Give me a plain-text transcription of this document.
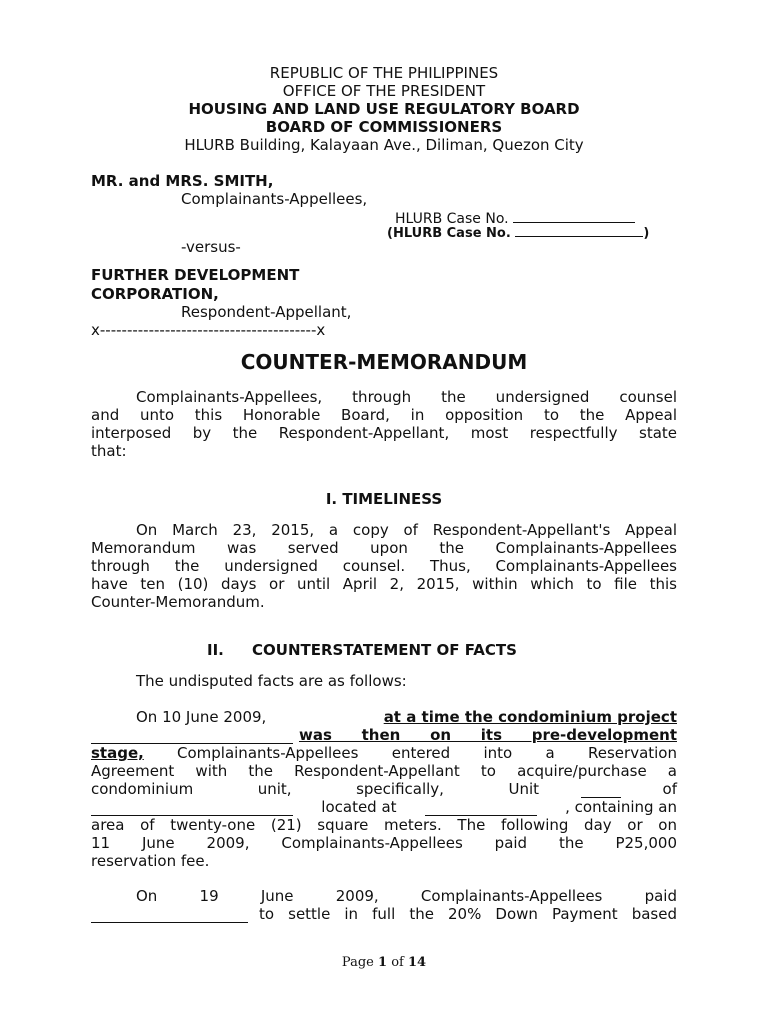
REPUBLIC OF THE PHILIPPINES
OFFICE OF THE PRESIDENT
HOUSING AND LAND USE REGULATORY BOARD
BOARD OF COMMISSIONERS
HLURB Building, Kalayaan Ave., Diliman, Quezon City
MR. and MRS. SMITH,
Complainants-Appellees,
HLURB Case No.
(HLURB Case No.	)
-versus-
FURTHER DEVELOPMENT
CORPORATION,
Respondent-Appellant,
x----------------------------------------x
COUNTER-MEMORANDUM
Complainants-Appellees, through the undersigned counsel
and unto this Honorable Board, in opposition to the Appeal
interposed by the Respondent-Appellant, most respectfully state
that:
I. TIMELINESS
On March 23, 2015, a copy of Respondent-Appellant's Appeal
Memorandum was served upon the Complainants-Appellees
through the undersigned counsel. Thus, Complainants-Appellees
have ten (10) days or until April 2, 2015, within which to file this
Counter-Memorandum.
II. COUNTERSTATEMENT OF FACTS
The undisputed facts are as follows:
On 10 June 2009,	at a time the condominium project
was then on its pre-development
stage, Complainants-Appellees entered into a Reservation
Agreement with the Respondent-Appellant to acquire/purchase a
condominium unit, specifically, Unit	of
located at	, containing an
area of twenty-one (21) square meters. The following day or on
11 June 2009, Complainants-Appellees paid the P25,000
reservation fee.
On 19 June 2009, Complainants-Appellees paid
to settle in full the 20% Down Payment based
Page 1 of 14
